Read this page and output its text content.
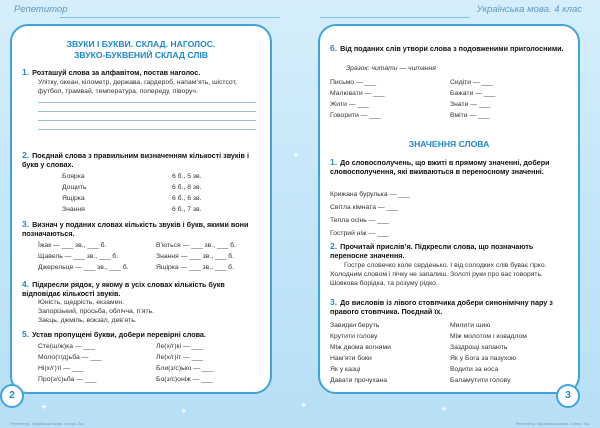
Репетитор	Українська мова. 4 клас
ЗВУКИ І БУКВИ. СКЛАД. НАГОЛОС.
ЗВУКО-БУКВЕНИЙ СКЛАД СЛІВ
1. Розташуй слова за алфавітом, постав наголос.
Улітку, океан, кілометр, держава, гардероб, напам’ять, шістсот, футбол, трамвай, температура, попереду, ліворуч.
2. Поєднай слова з правильним визначенням кількості звуків і букв у словах.
Боярка	6 б., 5 зв.
Дощить	6 б., 8 зв.
Ящірка	6 б., 6 зв.
Знання	6 б., 7 зв.
3. Визнач у поданих словах кількість звуків і букв, якими вони позначаються.
Їжак — ___ зв., ___ б.	В’ються — ___ зв., ___ б.
Щавель — ___ зв., ___ б.	Знання — ___ зв., ___ б.
Джерельце — ___ зв., ___ б.	Ящірка — ___ зв., ___ б.
4. Підкресли рядок, у якому в усіх словах кількість букв відповідає кількості звуків.
Юність, щедрість, екзамен.
Запорізький, просьба, облічча, п’ять.
Заєць, джміль, вокзал, дев’ять.
5. Устав пропущені букви, добери перевірні слова.
Сте(ш/ж)ка — ___	Ле(х/г)кі — ___
Моло(т/д)ьба — ___	Ле(х/г)іт — ___
Ні(х/г)ті — ___	Бли(з/с)ько — ___
Про(з/с)ьба — ___	Бо(з/с)оніж — ___
6. Від поданих слів утвори слова з подовженими приголосними.
Зразок: читати — читання
Письмо — ___	Сидіти — ___
Малювати — ___	Бажати — ___
Жити — ___	Знати — ___
Говорити — ___	Вміти — ___
ЗНАЧЕННЯ СЛОВА
1. До словосполучень, що вжиті в прямому значенні, добери словосполучення, які вживаються в переносному значенні.
Крижана бурулька — ___
Світла кімната — ___
Тепла осінь — ___
Гострий ніж — ___
2. Прочитай прислів’я. Підкресли слова, що позначають переносне значення.
Гостре словечко коле серденько. І від солодких слів буває гірко. Холодним словом і пічку не запалиш. Золоті руки про вас говорять. Шовкова борідка, та розуму рідко.
3. До висловів із лівого стовпчика добери синонімічну пару з правого стовпчика. Поєднай їх.
Завидки беруть	Милити шию
Крутити голову	Між молотом і ковадлом
Між двома вогнями	Заздрощі хапають
Нам’яти боки	Як у Бога за пазухою
Як у казці	Водити за носа
Давати прочухана	Баламутити голову
2	3
✦	✦
✦	✦
✦
Репетитор. Українська мова. 4 клас. Зм.	Репетитор. Українська мова. 4 клас. Зм.
